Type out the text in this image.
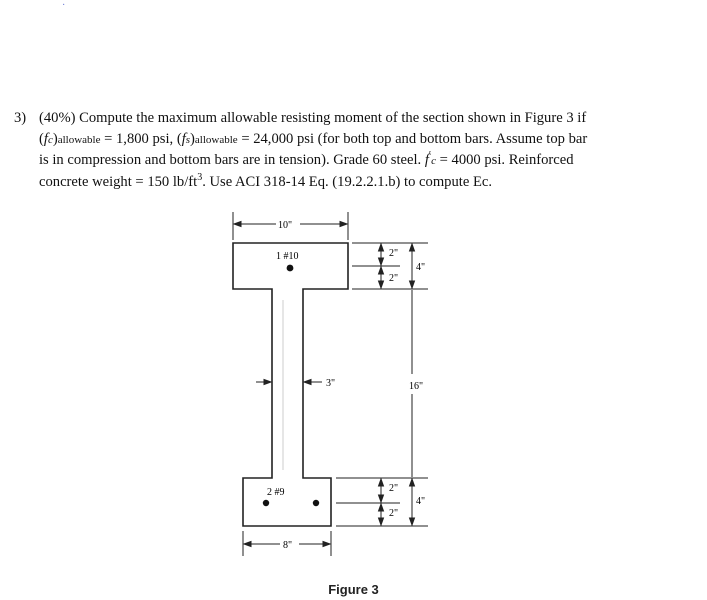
·
3) (40%) Compute the maximum allowable resisting moment of the section shown in Figure 3 if
(fc)allowable = 1,800 psi, (fs)allowable = 24,000 psi (for both top and bottom bars. Assume top bar
is in compression and bottom bars are in tension). Grade 60 steel. f′c = 4000 psi. Reinforced
concrete weight = 150 $lb/ft^3$. Use ACI 318-14 Eq. (19.2.2.1.b) to compute Ec.
1 #10
2 #9
10"
3"
8"
2"
2"
4"
16"
2"
2"
4"
Figure 3
